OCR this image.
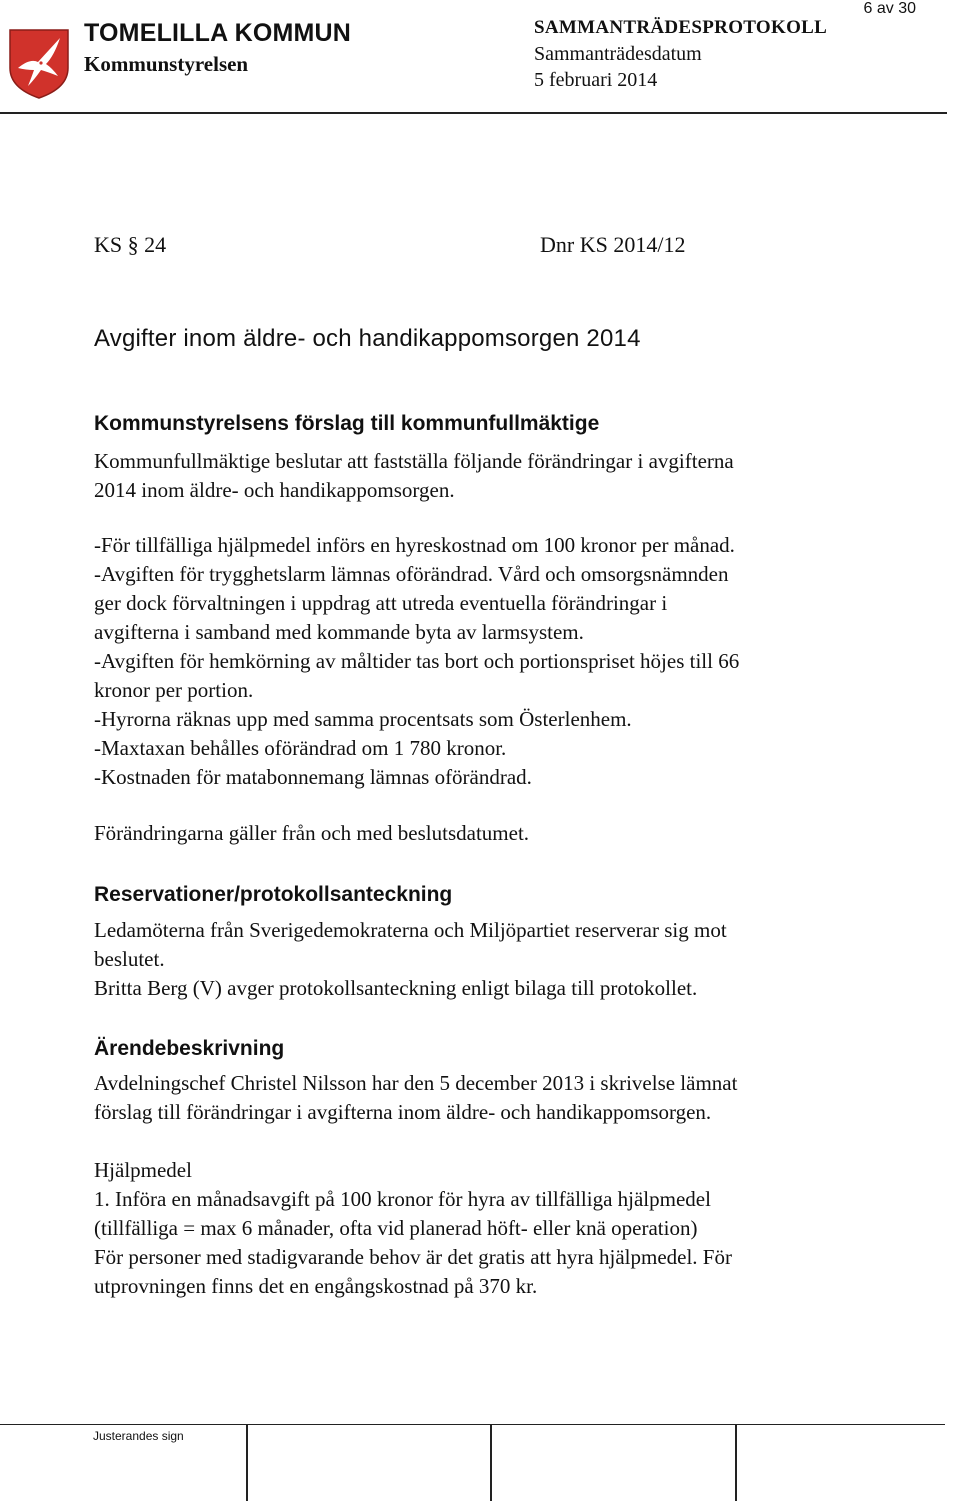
TOMELILLA KOMMUN
Kommunstyrelsen
SAMMANTRÄDESPROTOKOLL
Sammanträdesdatum
5 februari 2014
6 av 30
KS § 24	Dnr KS 2014/12
Avgifter inom äldre- och handikappomsorgen 2014
Kommunstyrelsens förslag till kommunfullmäktige
Kommunfullmäktige beslutar att fastställa följande förändringar i avgifterna
2014 inom äldre- och handikappomsorgen.
-För tillfälliga hjälpmedel införs en hyreskostnad om 100 kronor per månad.
-Avgiften för trygghetslarm lämnas oförändrad. Vård och omsorgsnämnden
ger dock förvaltningen i uppdrag att utreda eventuella förändringar i
avgifterna i samband med kommande byta av larmsystem.
-Avgiften för hemkörning av måltider tas bort och portionspriset höjes till 66
kronor per portion.
-Hyrorna räknas upp med samma procentsats som Österlenhem.
-Maxtaxan behålles oförändrad om 1 780 kronor.
-Kostnaden för matabonnemang lämnas oförändrad.
Förändringarna gäller från och med beslutsdatumet.
Reservationer/protokollsanteckning
Ledamöterna från Sverigedemokraterna och Miljöpartiet reserverar sig mot
beslutet.
Britta Berg (V) avger protokollsanteckning enligt bilaga till protokollet.
Ärendebeskrivning
Avdelningschef Christel Nilsson har den 5 december 2013 i skrivelse lämnat
förslag till förändringar i avgifterna inom äldre- och handikappomsorgen.
Hjälpmedel
1. Införa en månadsavgift på 100 kronor för hyra av tillfälliga hjälpmedel
(tillfälliga = max 6 månader, ofta vid planerad höft- eller knä operation)
För personer med stadigvarande behov är det gratis att hyra hjälpmedel. För
utprovningen finns det en engångskostnad på 370 kr.
Justerandes sign
